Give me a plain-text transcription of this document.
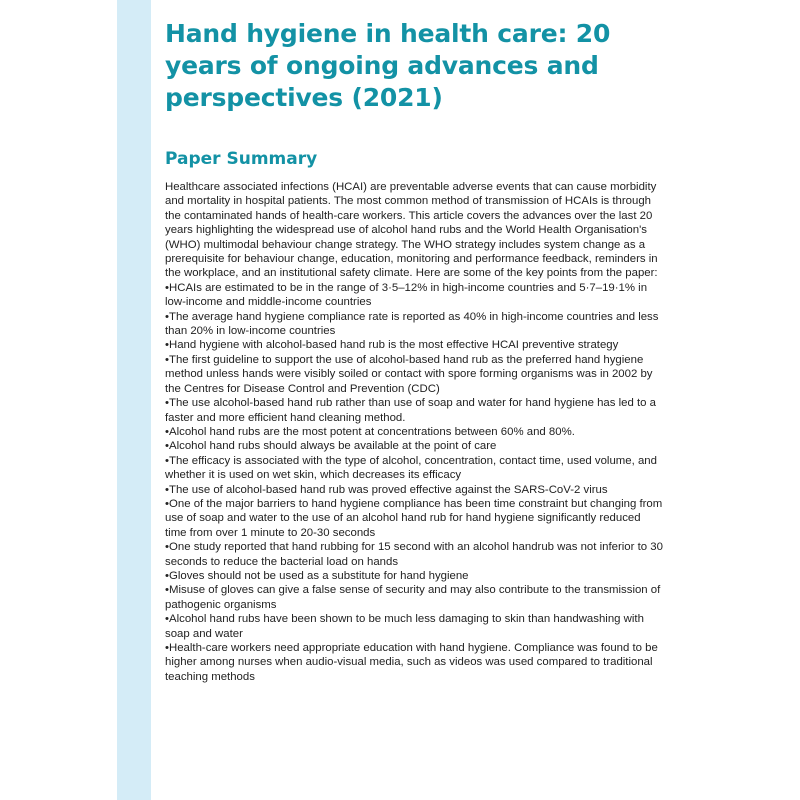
Hand hygiene in health care: 20 years of ongoing advances and perspectives (2021)
Paper Summary

Healthcare associated infections (HCAI) are preventable adverse events that can cause morbidity and mortality in hospital patients. The most common method of transmission of HCAIs is through the contaminated hands of health-care workers. This article covers the advances over the last 20 years highlighting the widespread use of alcohol hand rubs and the World Health Organisation's (WHO) multimodal behaviour change strategy. The WHO strategy includes system change as a prerequisite for behaviour change, education, monitoring and performance feedback, reminders in the workplace, and an institutional safety climate. Here are some of the key points from the paper:

• HCAIs are estimated to be in the range of 3·5–12% in high-income countries and 5·7–19·1% in low-income and middle-income countries
• The average hand hygiene compliance rate is reported as 40% in high-income countries and less than 20% in low-income countries
• Hand hygiene with alcohol-based hand rub is the most effective HCAI preventive strategy
• The first guideline to support the use of alcohol-based hand rub as the preferred hand hygiene method unless hands were visibly soiled or contact with spore forming organisms was in 2002 by the Centres for Disease Control and Prevention (CDC)
• The use alcohol-based hand rub rather than use of soap and water for hand hygiene has led to a faster and more efficient hand cleaning method.
• Alcohol hand rubs are the most potent at concentrations between 60% and 80%.
• Alcohol hand rubs should always be available at the point of care
• The efficacy is associated with the type of alcohol, concentration, contact time, used volume, and whether it is used on wet skin, which decreases its efficacy
• The use of alcohol-based hand rub was proved effective against the SARS-CoV-2 virus
• One of the major barriers to hand hygiene compliance has been time constraint but changing from use of soap and water to the use of an alcohol hand rub for hand hygiene significantly reduced time from over 1 minute to 20-30 seconds
• One study reported that hand rubbing for 15 second with an alcohol handrub was not inferior to 30 seconds to reduce the bacterial load on hands
• Gloves should not be used as a substitute for hand hygiene
• Misuse of gloves can give a false sense of security and may also contribute to the transmission of pathogenic organisms
• Alcohol hand rubs have been shown to be much less damaging to skin than handwashing with soap and water
• Health-care workers need appropriate education with hand hygiene. Compliance was found to be higher among nurses when audio-visual media, such as videos was used compared to traditional teaching methods
